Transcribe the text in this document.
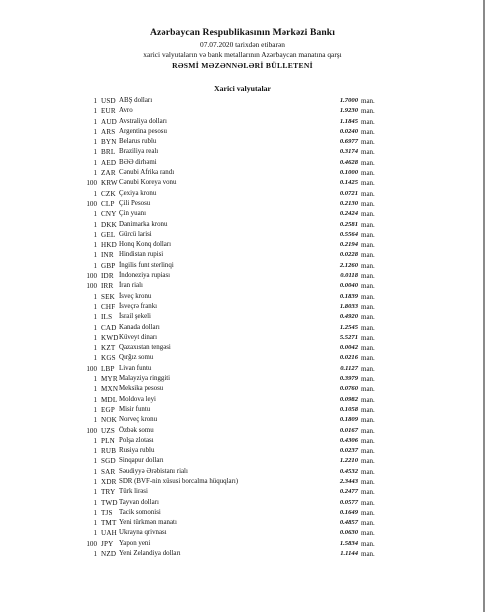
Azərbaycan Respublikasının Mərkəzi Bankı
07.07.2020 tarixdən etibarən
xarici valyutaların və bank metallarının Azərbaycan manatına qarşı
RƏSMİ MƏZƏNNƏLƏRİ BÜLLETENİ
Xarici valyutalar
1 USD ABŞ dolları	1.7000 man.
1 EUR Avro	1.9230 man.
1 AUD Avstraliya dolları	1.1845 man.
1 ARS Argentina pesosu	0.0240 man.
1 BYN Belarus rublu	0.6977 man.
1 BRL Braziliya realı	0.3174 man.
1 AED BƏƏ dirhəmi	0.4628 man.
1 ZAR Cənubi Afrika randı	0.1000 man.
100 KRW Cənubi Koreya vonu	0.1425 man.
1 CZK Çexiya kronu	0.0721 man.
100 CLP Çili Pesosu	0.2130 man.
1 CNY Çin yuanı	0.2424 man.
1 DKK Danimarka kronu	0.2581 man.
1 GEL Gürcü larisi	0.5564 man.
1 HKD Honq Konq dolları	0.2194 man.
1 INR Hindistan rupisi	0.0228 man.
1 GBP İngilis funt sterlinqi	2.1260 man.
100 IDR İndoneziya rupiası	0.0118 man.
100 IRR İran rialı	0.0040 man.
1 SEK İsveç kronu	0.1839 man.
1 CHF İsveçrə frankı	1.8033 man.
1 ILS İsrail şekeli	0.4920 man.
1 CAD Kanada dolları	1.2545 man.
1 KWD Küveyt dinarı	5.5271 man.
1 KZT Qazaxıstan tengəsi	0.0042 man.
1 KGS Qırğız somu	0.0216 man.
100 LBP Livan funtu	0.1127 man.
1 MYR Malayziya ringgiti	0.3979 man.
1 MXN Meksika pesosu	0.0760 man.
1 MDL Moldova leyi	0.0982 man.
1 EGP Misir funtu	0.1058 man.
1 NOK Norveç kronu	0.1809 man.
100 UZS Özbək somu	0.0167 man.
1 PLN Polşa zlotası	0.4306 man.
1 RUB Rusiya rublu	0.0237 man.
1 SGD Sinqapur dolları	1.2210 man.
1 SAR Səudiyyə Ərəbistanı rialı	0.4532 man.
1 XDR SDR (BVF-nin xüsusi borcalma hüquqları)	2.3443 man.
1 TRY Türk lirəsi	0.2477 man.
1 TWD Tayvan dolları	0.0577 man.
1 TJS Tacik somonisi	0.1649 man.
1 TMT Yeni türkmən manatı	0.4857 man.
1 UAH Ukrayna qrivnası	0.0630 man.
100 JPY Yapon yeni	1.5834 man.
1 NZD Yeni Zelandiya dolları	1.1144 man.
